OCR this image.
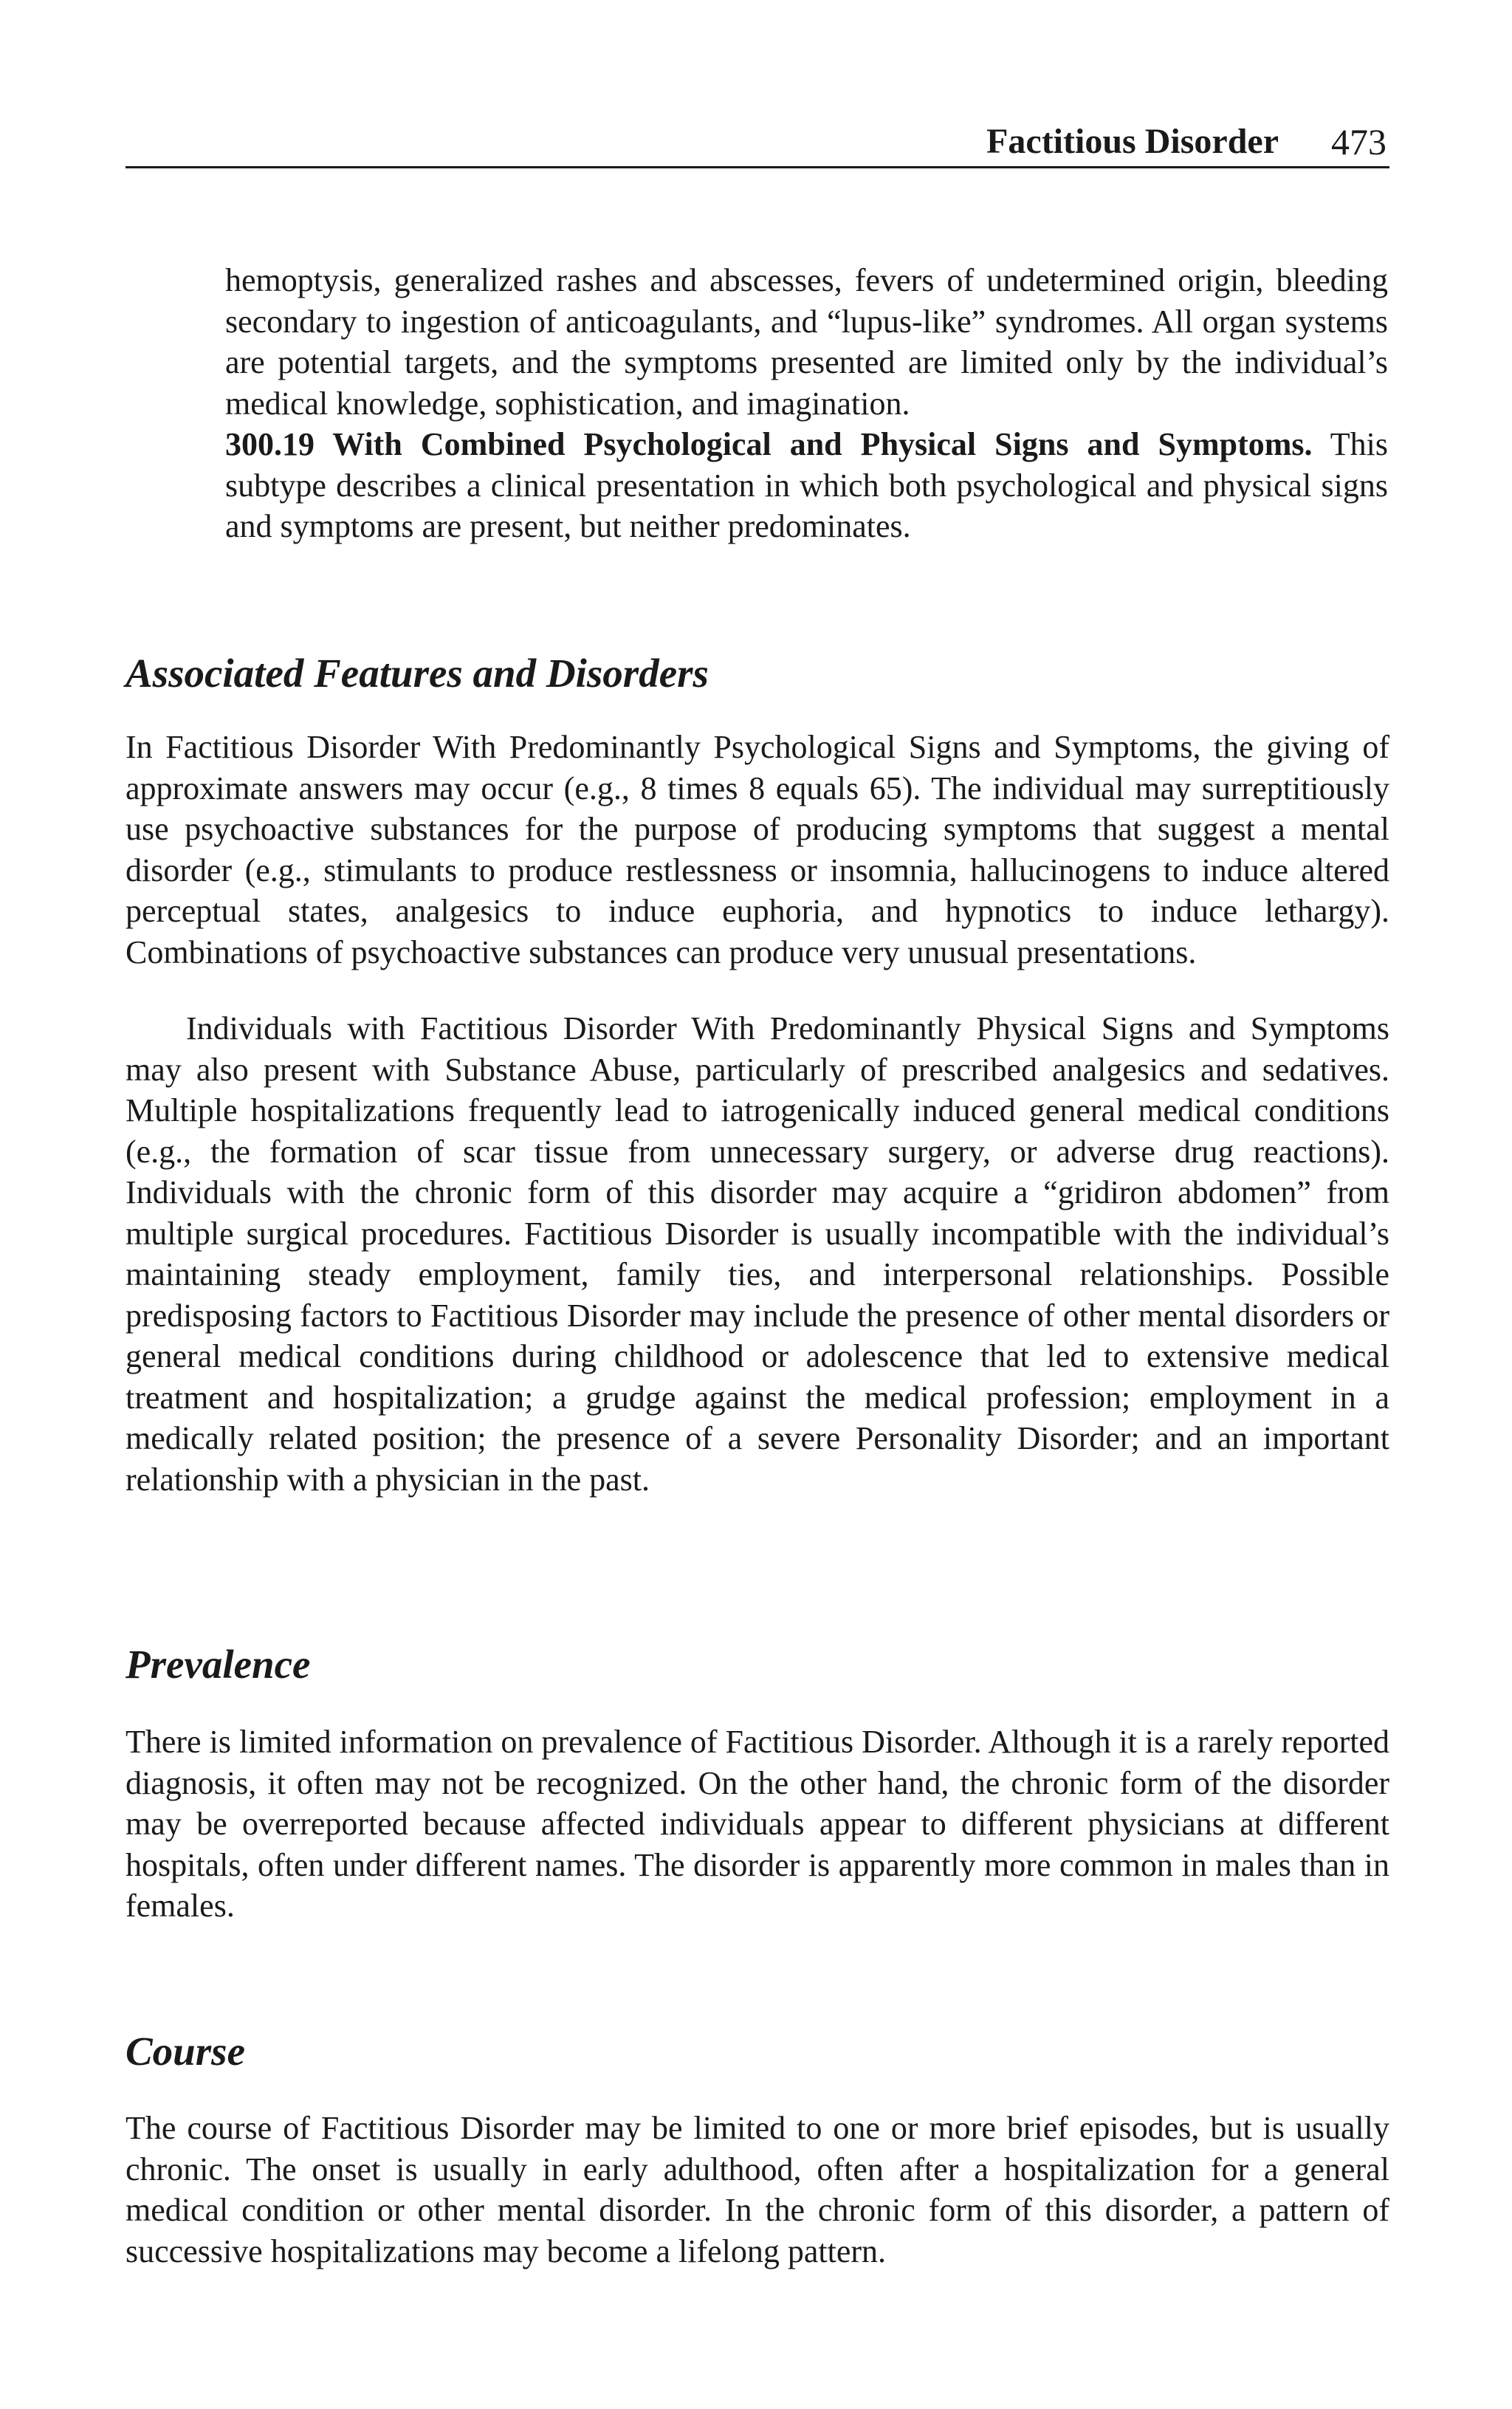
Factitious Disorder 473
hemoptysis, generalized rashes and abscesses, fevers of undetermined origin, bleeding secondary to ingestion of anticoagulants, and “lupus-like” syndromes. All organ systems are potential targets, and the symptoms presented are limited only by the individual’s medical knowledge, sophistication, and imagination.
300.19 With Combined Psychological and Physical Signs and Symptoms. This subtype describes a clinical presentation in which both psychological and physical signs and symptoms are present, but neither predominates.
Associated Features and Disorders

In Factitious Disorder With Predominantly Psychological Signs and Symptoms, the giving of approximate answers may occur (e.g., 8 times 8 equals 65). The individual may surreptitiously use psychoactive substances for the purpose of producing symptoms that suggest a mental disorder (e.g., stimulants to produce restlessness or insomnia, hallucinogens to induce altered perceptual states, analgesics to induce euphoria, and hypnotics to induce lethargy). Combinations of psychoactive substances can produce very unusual presentations.

Individuals with Factitious Disorder With Predominantly Physical Signs and Symptoms may also present with Substance Abuse, particularly of prescribed analgesics and sedatives. Multiple hospitalizations frequently lead to iatrogenically induced general medical conditions (e.g., the formation of scar tissue from unnecessary surgery, or adverse drug reactions). Individuals with the chronic form of this disorder may acquire a “gridiron abdomen” from multiple surgical procedures. Factitious Disorder is usually incompatible with the individual’s maintaining steady employment, family ties, and interpersonal relationships. Possible predisposing factors to Factitious Disorder may include the presence of other mental disorders or general medical conditions during childhood or adolescence that led to extensive medical treatment and hospitalization; a grudge against the medical profession; employment in a medically related position; the presence of a severe Personality Disorder; and an important relationship with a physician in the past.

Prevalence

There is limited information on prevalence of Factitious Disorder. Although it is a rarely reported diagnosis, it often may not be recognized. On the other hand, the chronic form of the disorder may be overreported because affected individuals appear to different physicians at different hospitals, often under different names. The disorder is apparently more common in males than in females.

Course

The course of Factitious Disorder may be limited to one or more brief episodes, but is usually chronic. The onset is usually in early adulthood, often after a hospitalization for a general medical condition or other mental disorder. In the chronic form of this disorder, a pattern of successive hospitalizations may become a lifelong pattern.
